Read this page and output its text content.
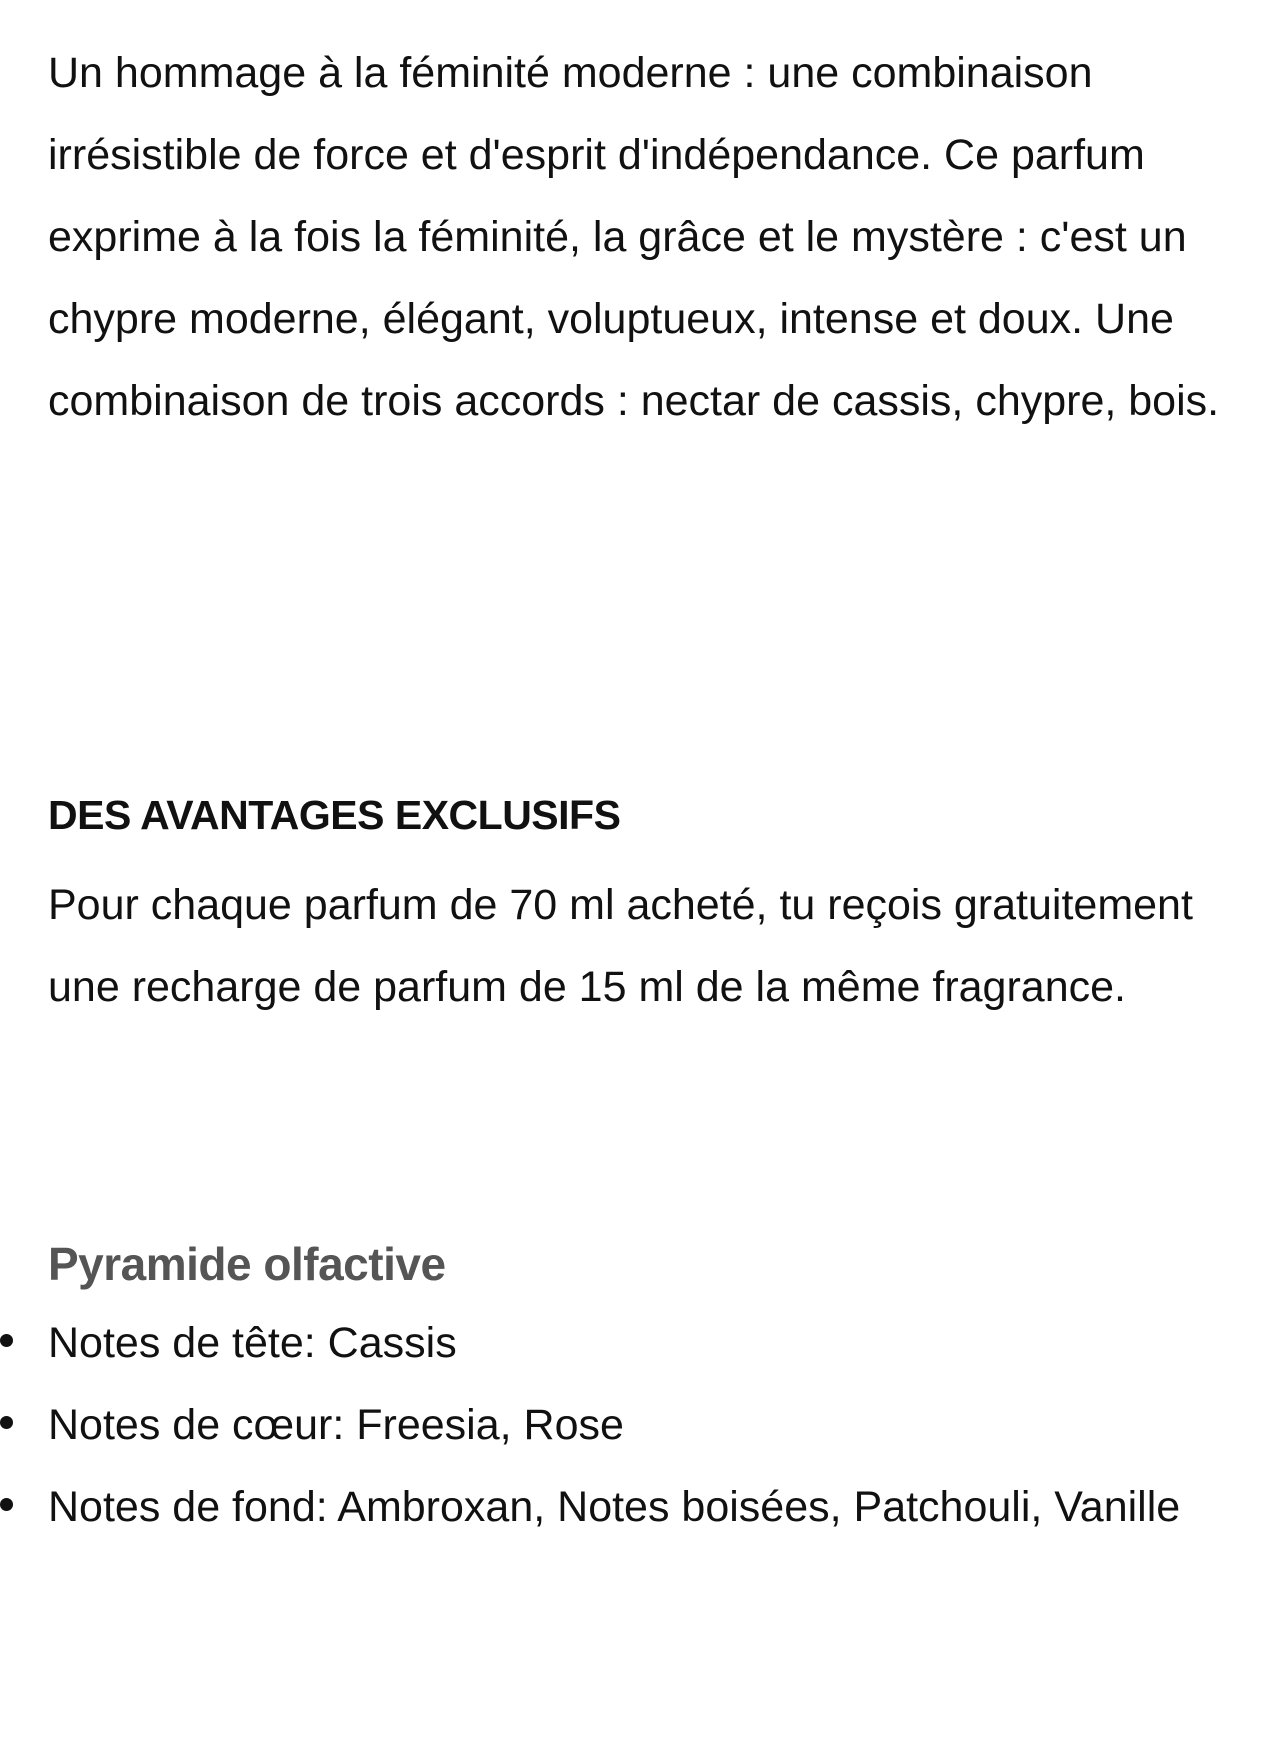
Un hommage à la féminité moderne : une combinaison irrésistible de force et d'esprit d'indépendance. Ce parfum exprime à la fois la féminité, la grâce et le mystère : c'est un chypre moderne, élégant, voluptueux, intense et doux. Une combinaison de trois accords : nectar de cassis, chypre, bois.

DES AVANTAGES EXCLUSIFS

Pour chaque parfum de 70 ml acheté, tu reçois gratuitement une recharge de parfum de 15 ml de la même fragrance.

Pyramide olfactive
Notes de tête: Cassis
Notes de cœur: Freesia, Rose
Notes de fond: Ambroxan, Notes boisées, Patchouli, Vanille
